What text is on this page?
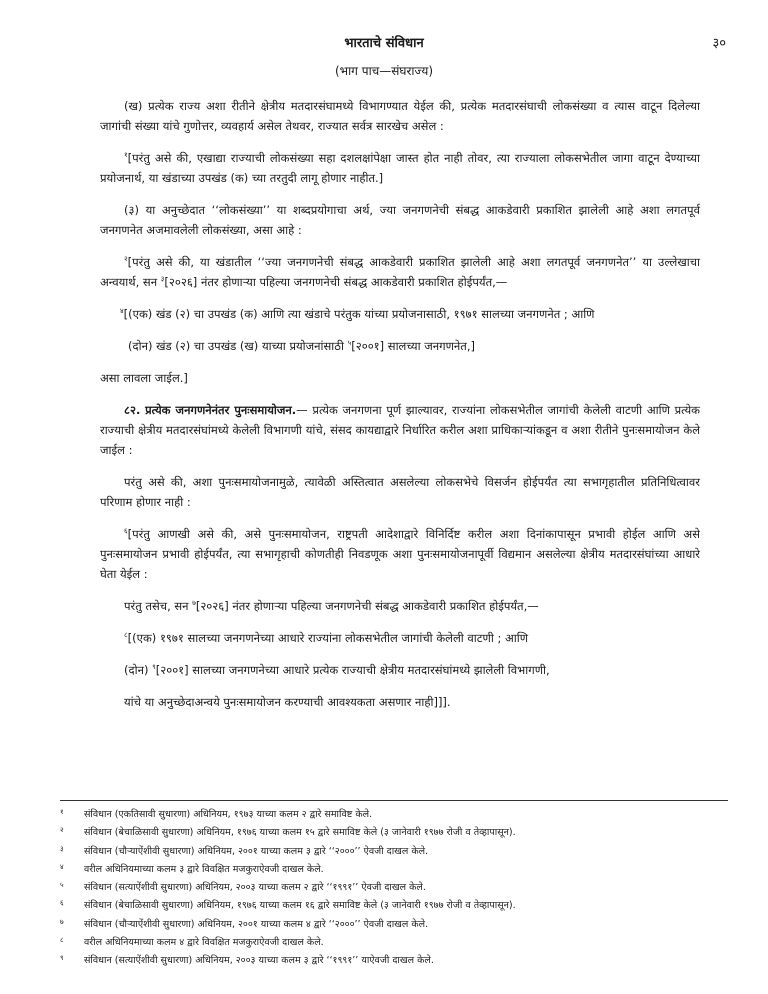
भारताचे संविधान	३०
(भाग पाच—संघराज्य)

(ख) प्रत्येक राज्य अशा रीतीने क्षेत्रीय मतदारसंघामध्ये विभागण्यात येईल की, प्रत्येक मतदारसंघाची लोकसंख्या व त्यास वाटून दिलेल्या जागांची संख्या यांचे गुणोत्तर, व्यवहार्य असेल तेथवर, राज्यात सर्वत्र सारखेच असेल :

$^१$[परंतु असे की, एखाद्या राज्याची लोकसंख्या सहा दशलक्षांपेक्षा जास्त होत नाही तोवर, त्या राज्याला लोकसभेतील जागा वाटून देण्याच्या प्रयोजनार्थ, या खंडाच्या उपखंड (क) च्या तरतुदी लागू होणार नाहीत.]

(३) या अनुच्छेदात ‘‘लोकसंख्या’’ या शब्दप्रयोगाचा अर्थ, ज्या जनगणनेची संबद्ध आकडेवारी प्रकाशित झालेली आहे अशा लगतपूर्व जनगणनेत अजमावलेली लोकसंख्या, असा आहे :

$^२$[परंतु असे की, या खंडातील ‘‘ज्या जनगणनेची संबद्ध आकडेवारी प्रकाशित झालेली आहे अशा लगतपूर्व जनगणनेत’’ या उल्लेखाचा अन्वयार्थ, सन $^३$[२०२६] नंतर होणाऱ्या पहिल्या जनगणनेची संबद्ध आकडेवारी प्रकाशित होईपर्यंत,—

$^४$[(एक) खंड (२) चा उपखंड (क) आणि त्या खंडाचे परंतुक यांच्या प्रयोजनासाठी, १९७१ सालच्या जनगणनेत ; आणि

(दोन) खंड (२) चा उपखंड (ख) याच्या प्रयोजनांसाठी $^५$[२००१] सालच्या जनगणनेत,]

असा लावला जाईल.]

८२. प्रत्येक जनगणनेनंतर पुनःसमायोजन.— प्रत्येक जनगणना पूर्ण झाल्यावर, राज्यांना लोकसभेतील जागांची केलेली वाटणी आणि प्रत्येक राज्याची क्षेत्रीय मतदारसंघांमध्ये केलेली विभागणी यांचे, संसद कायद्याद्वारे निर्धारित करील अशा प्राधिकाऱ्यांकडून व अशा रीतीने पुनःसमायोजन केले जाईल :

परंतु असे की, अशा पुनःसमायोजनामुळे, त्यावेळी अस्तित्वात असलेल्या लोकसभेचे विसर्जन होईपर्यंत त्या सभागृहातील प्रतिनिधित्वावर परिणाम होणार नाही :

$^६$[परंतु आणखी असे की, असे पुनःसमायोजन, राष्ट्रपती आदेशाद्वारे विनिर्दिष्ट करील अशा दिनांकापासून प्रभावी होईल आणि असे पुनःसमायोजन प्रभावी होईपर्यंत, त्या सभागृहाची कोणतीही निवडणूक अशा पुनःसमायोजनापूर्वी विद्यमान असलेल्या क्षेत्रीय मतदारसंघांच्या आधारे घेता येईल :

परंतु तसेच, सन $^७$[२०२६] नंतर होणाऱ्या पहिल्या जनगणनेची संबद्ध आकडेवारी प्रकाशित होईपर्यंत,—

$^८$[(एक) १९७१ सालच्या जनगणनेच्या आधारे राज्यांना लोकसभेतील जागांची केलेली वाटणी ; आणि

(दोन) $^९$[२००१] सालच्या जनगणनेच्या आधारे प्रत्येक राज्याची क्षेत्रीय मतदारसंघांमध्ये झालेली विभागणी,

यांचे या अनुच्छेदाअन्वये पुनःसमायोजन करण्याची आवश्यकता असणार नाही]]].

१	संविधान (एकतिसावी सुधारणा) अधिनियम, १९७३ याच्या कलम २ द्वारे समाविष्ट केले.
२	संविधान (बेचाळिसावी सुधारणा) अधिनियम, १९७६ याच्या कलम १५ द्वारे समाविष्ट केले (३ जानेवारी १९७७ रोजी व तेव्हापासून).
३	संविधान (चौऱ्याऐंशीवी सुधारणा) अधिनियम, २००१ याच्या कलम ३ द्वारे ‘‘२०००’’ ऐवजी दाखल केले.
४	वरील अधिनियमाच्या कलम ३ द्वारे विवक्षित मजकुराऐवजी दाखल केले.
५	संविधान (सत्याऐंशीवी सुधारणा) अधिनियम, २००३ याच्या कलम २ द्वारे ‘‘१९९१’’ ऐवजी दाखल केले.
६	संविधान (बेचाळिसावी सुधारणा) अधिनियम, १९७६ याच्या कलम १६ द्वारे समाविष्ट केले (३ जानेवारी १९७७ रोजी व तेव्हापासून).
७	संविधान (चौऱ्याऐंशीवी सुधारणा) अधिनियम, २००१ याच्या कलम ४ द्वारे ‘‘२०००’’ ऐवजी दाखल केले.
८	वरील अधिनियमाच्या कलम ४ द्वारे विवक्षित मजकुराऐवजी दाखल केले.
९	संविधान (सत्याऐंशीवी सुधारणा) अधिनियम, २००३ याच्या कलम ३ द्वारे ‘‘१९९१’’ याऐवजी दाखल केले.
